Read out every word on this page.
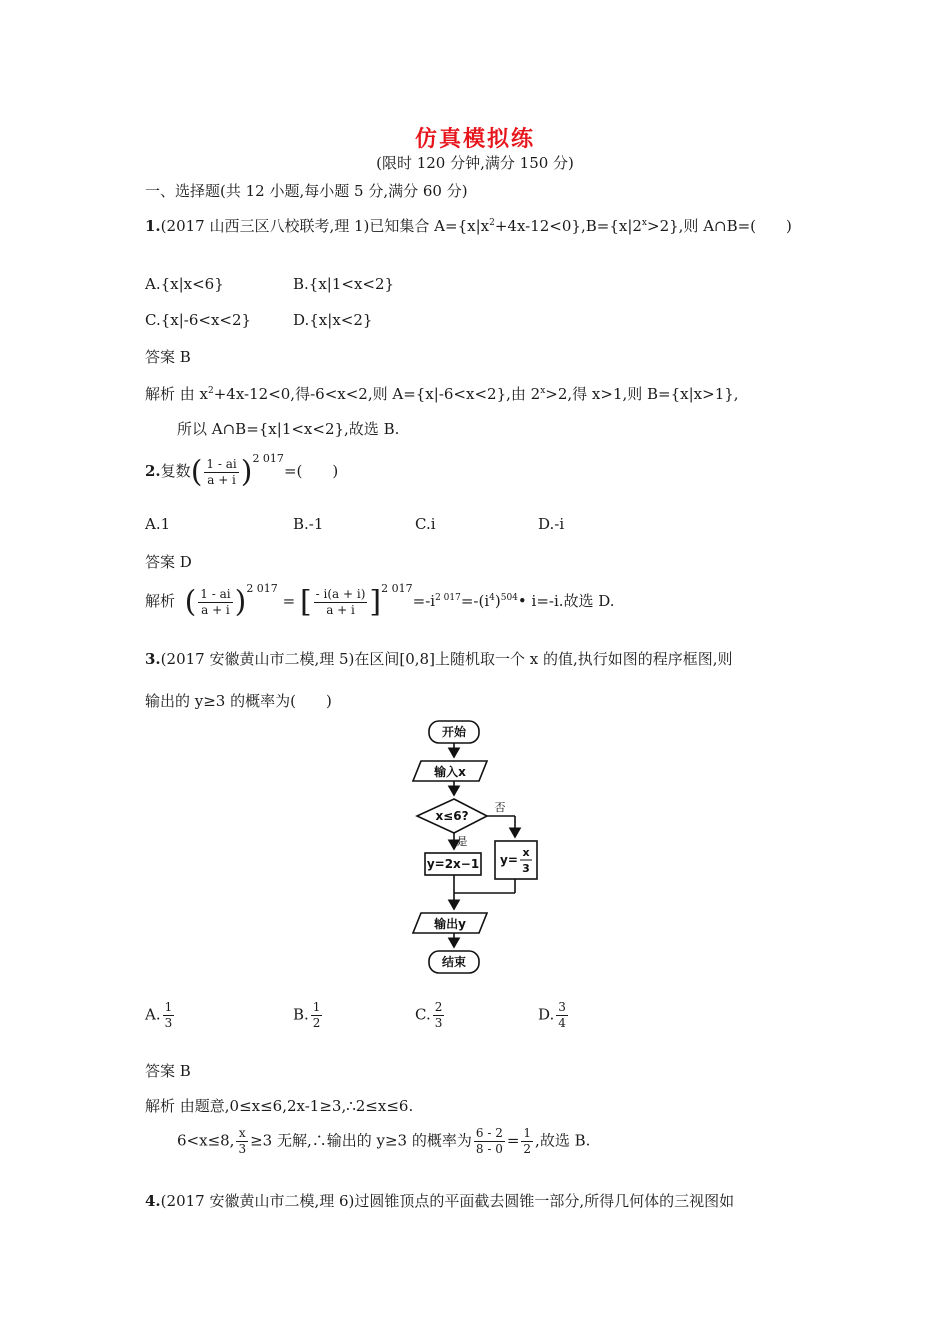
仿真模拟练
(限时 120 分钟,满分 150 分)
一、选择题(共 12 小题,每小题 5 分,满分 60 分)
1.(2017 山西三区八校联考,理 1)已知集合 $A=\{x|x^2+4x-12<0\},B=\{x|2^x>2\}$,则 A∩B=(　　)
A.{x|x<6}	B.{x|1<x<2}
C.{x|-6<x<2}	D.{x|x<2}
答案 B
解析 由 $x^2+4x-12<0$,得-6<x<2,则 A={x|-6<x<2},由 $2^x>2$,得 x>1,则 B={x|x>1},
所以 A∩B={x|1<x<2},故选 B.
2.复数( $\frac{1 - ai}{a + i} )^{2 017}=$(　　)
A.1	B.-1	C.i	D.-i
答案 D
解析 ( $\frac{1 - ai}{a + i} )^{2 017}$ = [ $\frac{- i(a + i)}{a + i}$ ]$^{2 017}=-i^{2 017}=-(i^4)^{504}•$ i=-i.故选 D.
3.(2017 安徽黄山市二模,理 5)在区间[0,8]上随机取一个 x 的值,执行如图的程序框图,则
输出的 y≥3 的概率为(　　)
开始
输入x
x≤6?
否
是
y=2x−1 y=
x
3
输出y
结束
A. $\frac{1}{3}$	B. $\frac{1}{2}$	C. $\frac{2}{3}$	D. $\frac{3}{4}$
答案 B
解析 由题意,0≤x≤6,2x-1≥3,∴2≤x≤6.
6<x≤8, $\frac{x}{3} \ge 3$ 无解,∴输出的 y≥3 的概率为 $\frac{6 - 2}{8 - 0} = \frac{1}{2}$ ,故选 B.
4.(2017 安徽黄山市二模,理 6)过圆锥顶点的平面截去圆锥一部分,所得几何体的三视图如
